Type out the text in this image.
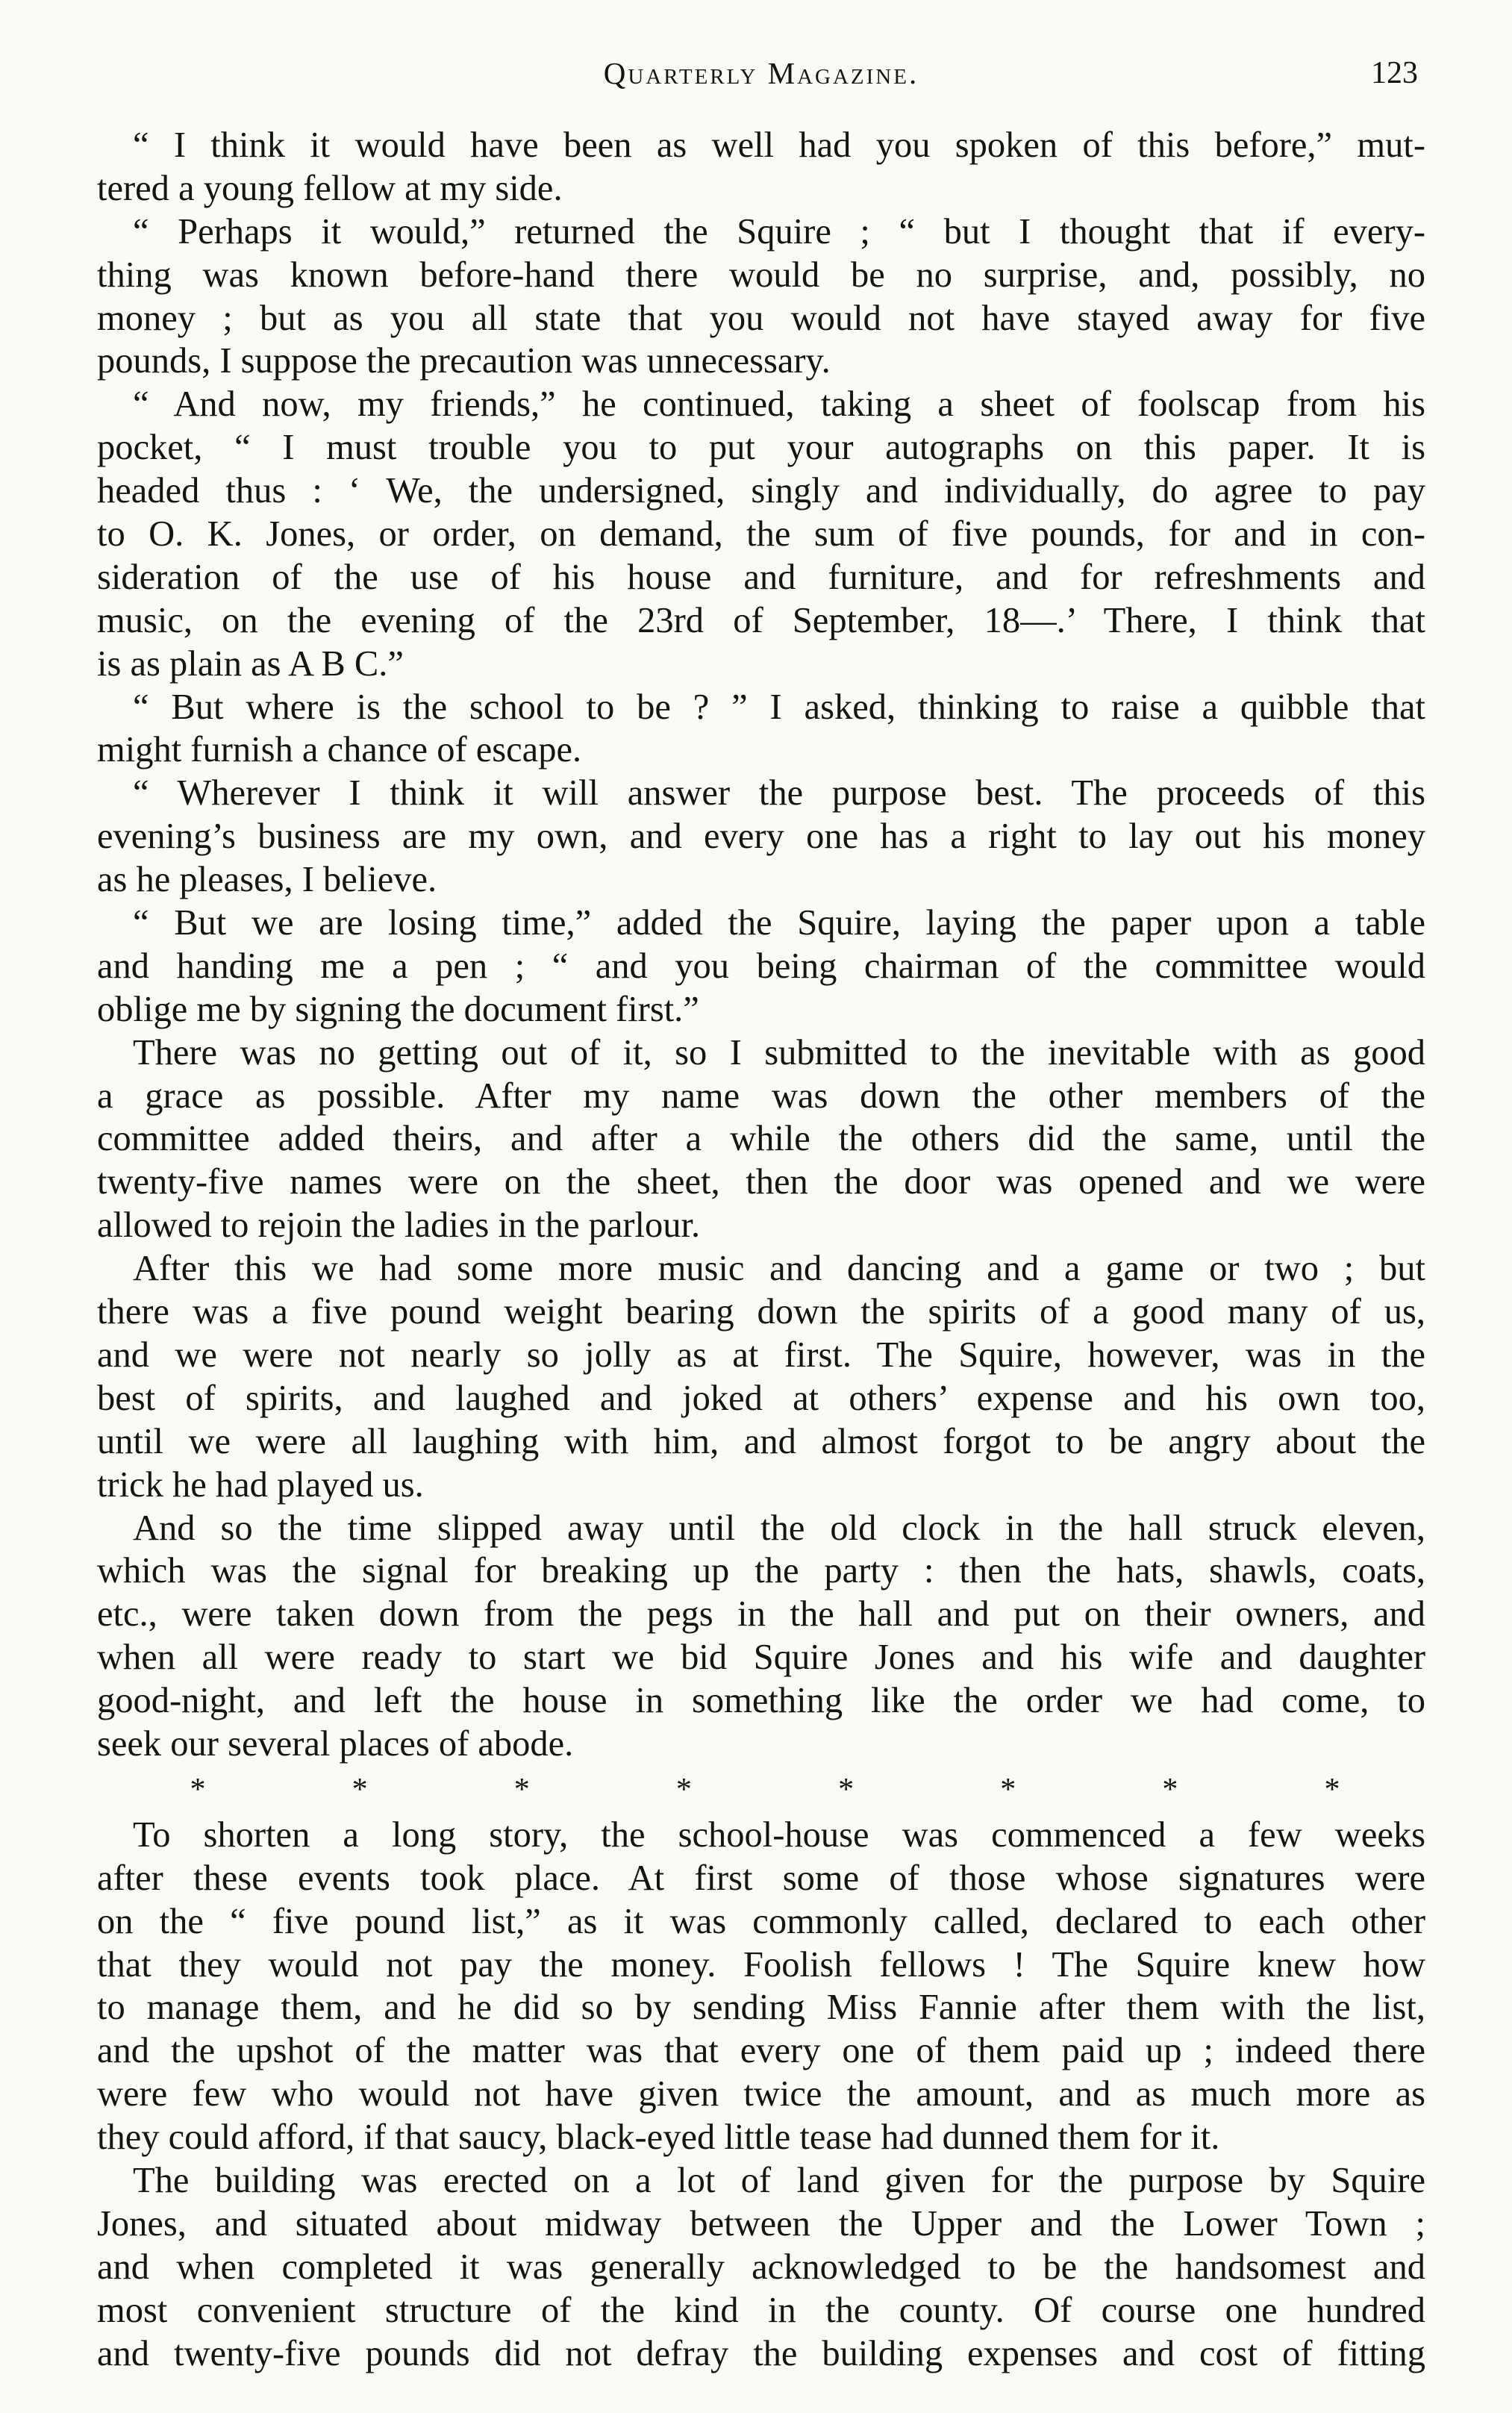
Quarterly Magazine.	123
“ I think it would have been as well had you spoken of this before,” mut-
tered a young fellow at my side.
“ Perhaps it would,” returned the Squire ; “ but I thought that if every-
thing was known before-hand there would be no surprise, and, possibly, no
money ; but as you all state that you would not have stayed away for five
pounds, I suppose the precaution was unnecessary.
“ And now, my friends,” he continued, taking a sheet of foolscap from his
pocket, “ I must trouble you to put your autographs on this paper. It is
headed thus : ‘ We, the undersigned, singly and individually, do agree to pay
to O. K. Jones, or order, on demand, the sum of five pounds, for and in con-
sideration of the use of his house and furniture, and for refreshments and
music, on the evening of the 23rd of September, 18—.’ There, I think that
is as plain as A B C.”
“ But where is the school to be ? ” I asked, thinking to raise a quibble that
might furnish a chance of escape.
“ Wherever I think it will answer the purpose best. The proceeds of this
evening’s business are my own, and every one has a right to lay out his money
as he pleases, I believe.
“ But we are losing time,” added the Squire, laying the paper upon a table
and handing me a pen ; “ and you being chairman of the committee would
oblige me by signing the document first.”
There was no getting out of it, so I submitted to the inevitable with as good
a grace as possible. After my name was down the other members of the
committee added theirs, and after a while the others did the same, until the
twenty-five names were on the sheet, then the door was opened and we were
allowed to rejoin the ladies in the parlour.
After this we had some more music and dancing and a game or two ; but
there was a five pound weight bearing down the spirits of a good many of us,
and we were not nearly so jolly as at first. The Squire, however, was in the
best of spirits, and laughed and joked at others’ expense and his own too,
until we were all laughing with him, and almost forgot to be angry about the
trick he had played us.
And so the time slipped away until the old clock in the hall struck eleven,
which was the signal for breaking up the party : then the hats, shawls, coats,
etc., were taken down from the pegs in the hall and put on their owners, and
when all were ready to start we bid Squire Jones and his wife and daughter
good-night, and left the house in something like the order we had come, to
seek our several places of abode.
*	*	*	*	*	*	*	*
To shorten a long story, the school-house was commenced a few weeks
after these events took place. At first some of those whose signatures were
on the “ five pound list,” as it was commonly called, declared to each other
that they would not pay the money. Foolish fellows ! The Squire knew how
to manage them, and he did so by sending Miss Fannie after them with the list,
and the upshot of the matter was that every one of them paid up ; indeed there
were few who would not have given twice the amount, and as much more as
they could afford, if that saucy, black-eyed little tease had dunned them for it.
The building was erected on a lot of land given for the purpose by Squire
Jones, and situated about midway between the Upper and the Lower Town ;
and when completed it was generally acknowledged to be the handsomest and
most convenient structure of the kind in the county. Of course one hundred
and twenty-five pounds did not defray the building expenses and cost of fitting
